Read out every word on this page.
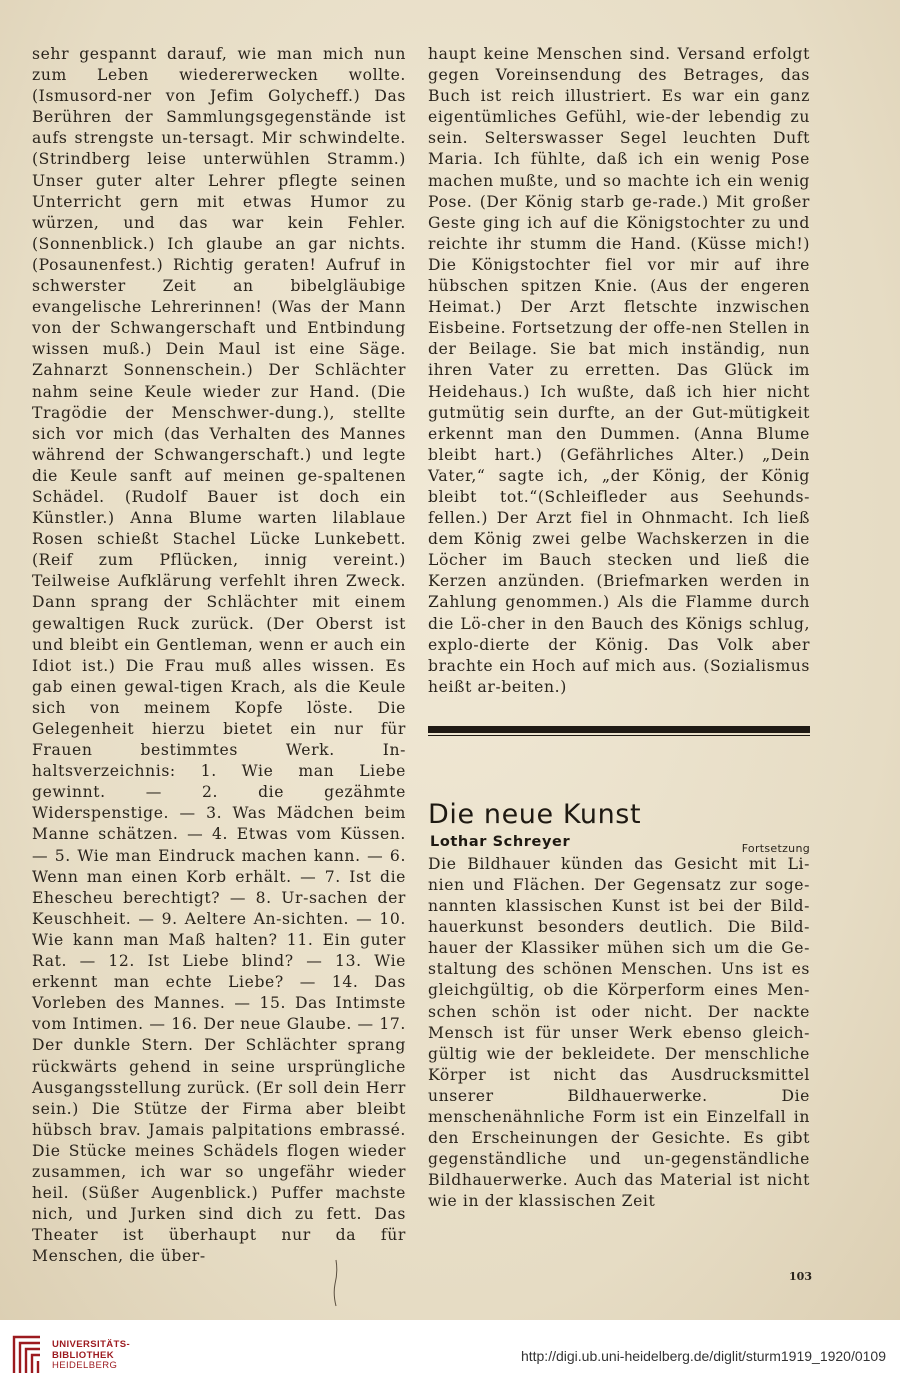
sehr gespannt darauf, wie man mich nun zum Leben wiedererwecken wollte. (Ismusord-ner von Jefim Golycheff.) Das Berühren der Sammlungsgegenstände ist aufs strengste un-tersagt. Mir schwindelte. (Strindberg leise unterwühlen Stramm.) Unser guter alter Lehrer pflegte seinen Unterricht gern mit etwas Humor zu würzen, und das war kein Fehler. (Sonnenblick.) Ich glaube an gar nichts. (Posaunenfest.) Richtig geraten! Aufruf in schwerster Zeit an bibelgläubige evangelische Lehrerinnen! (Was der Mann von der Schwangerschaft und Entbindung wissen muß.) Dein Maul ist eine Säge. Zahnarzt Sonnenschein.) Der Schlächter nahm seine Keule wieder zur Hand. (Die Tragödie der Menschwer-dung.), stellte sich vor mich (das Verhalten des Mannes während der Schwangerschaft.) und legte die Keule sanft auf meinen ge-spaltenen Schädel. (Rudolf Bauer ist doch ein Künstler.) Anna Blume warten lilablaue Rosen schießt Stachel Lücke Lunkebett. (Reif zum Pflücken, innig vereint.) Teilweise Aufklärung verfehlt ihren Zweck. Dann sprang der Schlächter mit einem gewaltigen Ruck zurück. (Der Oberst ist und bleibt ein Gentleman, wenn er auch ein Idiot ist.) Die Frau muß alles wissen. Es gab einen gewal-tigen Krach, als die Keule sich von meinem Kopfe löste. Die Gelegenheit hierzu bietet ein nur für Frauen bestimmtes Werk. In-haltsverzeichnis: 1. Wie man Liebe gewinnt. — 2. die gezähmte Widerspenstige. — 3. Was Mädchen beim Manne schätzen. — 4. Etwas vom Küssen. — 5. Wie man Eindruck machen kann. — 6. Wenn man einen Korb erhält. — 7. Ist die Ehescheu berechtigt? — 8. Ur-sachen der Keuschheit. — 9. Aeltere An-sichten. — 10. Wie kann man Maß halten? 11. Ein guter Rat. — 12. Ist Liebe blind? — 13. Wie erkennt man echte Liebe? — 14. Das Vorleben des Mannes. — 15. Das Intimste vom Intimen. — 16. Der neue Glaube. — 17. Der dunkle Stern. Der Schlächter sprang rückwärts gehend in seine ursprüngliche Ausgangsstellung zurück. (Er soll dein Herr sein.) Die Stütze der Firma aber bleibt hübsch brav. Jamais palpitations embrassé. Die Stücke meines Schädels flogen wieder zusammen, ich war so ungefähr wieder heil. (Süßer Augenblick.) Puffer machste nich, und Jurken sind dich zu fett. Das Theater ist überhaupt nur da für Menschen, die über-

haupt keine Menschen sind. Versand erfolgt gegen Voreinsendung des Betrages, das Buch ist reich illustriert. Es war ein ganz eigentümliches Gefühl, wie-der lebendig zu sein. Selterswasser Segel leuchten Duft Maria. Ich fühlte, daß ich ein wenig Pose machen mußte, und so machte ich ein wenig Pose. (Der König starb ge-rade.) Mit großer Geste ging ich auf die Königstochter zu und reichte ihr stumm die Hand. (Küsse mich!) Die Königstochter fiel vor mir auf ihre hübschen spitzen Knie. (Aus der engeren Heimat.) Der Arzt fletschte inzwischen Eisbeine. Fortsetzung der offe-nen Stellen in der Beilage. Sie bat mich inständig, nun ihren Vater zu erretten. Das Glück im Heidehaus.) Ich wußte, daß ich hier nicht gutmütig sein durfte, an der Gut-mütigkeit erkennt man den Dummen. (Anna Blume bleibt hart.) (Gefährliches Alter.) „Dein Vater,“ sagte ich, „der König, der König bleibt tot.“(Schleifleder aus Seehunds-fellen.) Der Arzt fiel in Ohnmacht. Ich ließ dem König zwei gelbe Wachskerzen in die Löcher im Bauch stecken und ließ die Kerzen anzünden. (Briefmarken werden in Zahlung genommen.) Als die Flamme durch die Lö-cher in den Bauch des Königs schlug, explo-dierte der König. Das Volk aber brachte ein Hoch auf mich aus. (Sozialismus heißt ar-beiten.)

Die neue Kunst
Lothar Schreyer	Fortsetzung

Die Bildhauer künden das Gesicht mit Li-nien und Flächen. Der Gegensatz zur soge-nannten klassischen Kunst ist bei der Bild-hauerkunst besonders deutlich. Die Bild-hauer der Klassiker mühen sich um die Ge-staltung des schönen Menschen. Uns ist es gleichgültig, ob die Körperform eines Men-schen schön ist oder nicht. Der nackte Mensch ist für unser Werk ebenso gleich-gültig wie der bekleidete. Der menschliche Körper ist nicht das Ausdrucksmittel unserer Bildhauerwerke. Die menschenähnliche Form ist ein Einzelfall in den Erscheinungen der Gesichte. Es gibt gegenständliche und un-gegenständliche Bildhauerwerke. Auch das Material ist nicht wie in der klassischen Zeit

103
UNIVERSITÄTS-
BIBLIOTHEK
HEIDELBERG
http://digi.ub.uni-heidelberg.de/diglit/sturm1919_1920/0109
